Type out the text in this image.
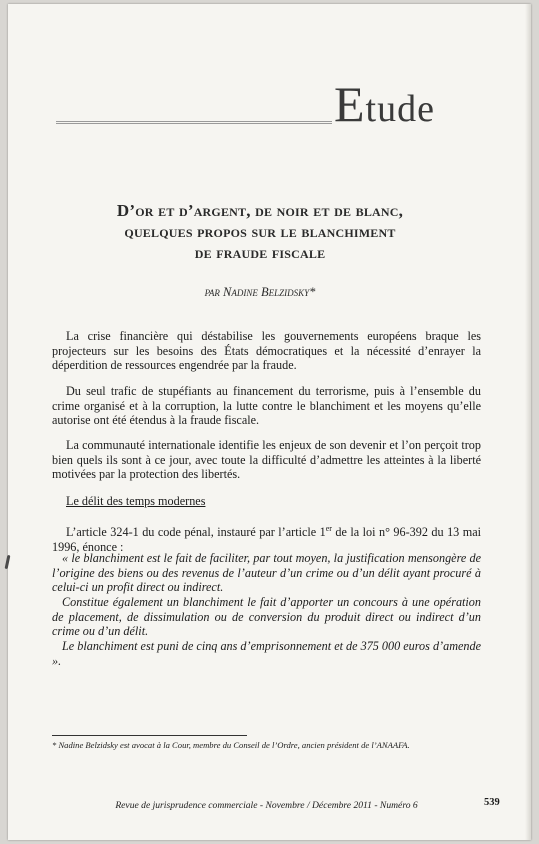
Etude
D’or et d’argent, de noir et de blanc,
quelques propos sur le blanchiment
de fraude fiscale
par Nadine Belzidsky*
La crise financière qui déstabilise les gouvernements européens braque les projecteurs sur les besoins des États démocratiques et la nécessité d’enrayer la déperdition de ressources engendrée par la fraude.
Du seul trafic de stupéfiants au financement du terrorisme, puis à l’ensemble du crime organisé et à la corruption, la lutte contre le blanchiment et les moyens qu’elle autorise ont été étendus à la fraude fiscale.
La communauté internationale identifie les enjeux de son devenir et l’on perçoit trop bien quels ils sont à ce jour, avec toute la difficulté d’admettre les atteintes à la liberté motivées par la protection des libertés.
Le délit des temps modernes
L’article 324-1 du code pénal, instauré par l’article 1er de la loi n° 96-392 du 13 mai 1996, énonce :
« le blanchiment est le fait de faciliter, par tout moyen, la justification mensongère de l’origine des biens ou des revenus de l’auteur d’un crime ou d’un délit ayant procuré à celui-ci un profit direct ou indirect.
Constitue également un blanchiment le fait d’apporter un concours à une opération de placement, de dissimulation ou de conversion du produit direct ou indirect d’un crime ou d’un délit.
Le blanchiment est puni de cinq ans d’emprisonnement et de 375 000 euros d’amende ».
* Nadine Belzidsky est avocat à la Cour, membre du Conseil de l’Ordre, ancien président de l’ANAAFA.
Revue de jurisprudence commerciale - Novembre / Décembre 2011 - Numéro 6	539
